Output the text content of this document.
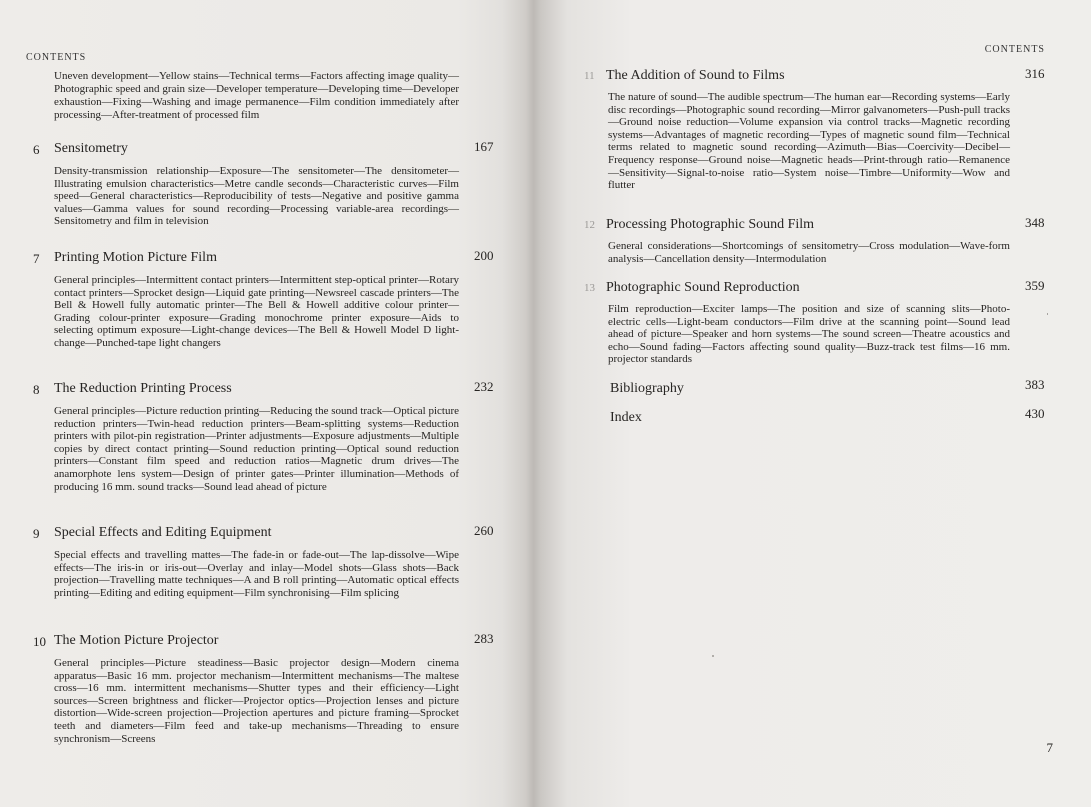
CONTENTS

Uneven development—Yellow stains—Technical terms—Factors affecting image quality—Photographic speed and grain size—Developer temperature—Developing time—Developer exhaustion—Fixing—Washing and image permanence—Film condition immediately after processing—After-treatment of processed film

6 Sensitometry	167

Density-transmission relationship—Exposure—The sensitometer—The densitometer—Illustrating emulsion characteristics—Metre candle seconds—Characteristic curves—Film speed—General characteristics—Reproducibility of tests—Negative and positive gamma values—Gamma values for sound recording—Processing variable-area recordings—Sensitometry and film in television

7 Printing Motion Picture Film	200

General principles—Intermittent contact printers—Intermittent step-optical printer—Rotary contact printers—Sprocket design—Liquid gate printing—Newsreel cascade printers—The Bell & Howell fully automatic printer—The Bell & Howell additive colour printer—Grading colour-printer exposure—Grading monochrome printer exposure—Aids to selecting optimum exposure—Light-change devices—The Bell & Howell Model D light-change—Punched-tape light changers

8 The Reduction Printing Process	232

General principles—Picture reduction printing—Reducing the sound track—Optical picture reduction printers—Twin-head reduction printers—Beam-splitting systems—Reduction printers with pilot-pin registration—Printer adjustments—Exposure adjustments—Multiple copies by direct contact printing—Sound reduction printing—Optical sound reduction printers—Constant film speed and reduction ratios—Magnetic drum drives—The anamorphote lens system—Design of printer gates—Printer illumination—Methods of producing 16 mm. sound tracks—Sound lead ahead of picture

9 Special Effects and Editing Equipment	260

Special effects and travelling mattes—The fade-in or fade-out—The lap-dissolve—Wipe effects—The iris-in or iris-out—Overlay and inlay—Model shots—Glass shots—Back projection—Travelling matte techniques—A and B roll printing—Automatic optical effects printing—Editing and editing equipment—Film synchronising—Film splicing

10 The Motion Picture Projector	283

General principles—Picture steadiness—Basic projector design—Modern cinema apparatus—Basic 16 mm. projector mechanism—Intermittent mechanisms—The maltese cross—16 mm. intermittent mechanisms—Shutter types and their efficiency—Light sources—Screen brightness and flicker—Projector optics—Projection lenses and picture distortion—Wide-screen projection—Projection apertures and picture framing—Sprocket teeth and diameters—Film feed and take-up mechanisms—Threading to ensure synchronism—Screens

CONTENTS
11 The Addition of Sound to Films	316

The nature of sound—The audible spectrum—The human ear—Recording systems—Early disc recordings—Photographic sound recording—Mirror galvanometers—Push-pull tracks—Ground noise reduction—Volume expansion via control tracks—Magnetic recording systems—Advantages of magnetic recording—Types of magnetic sound film—Technical terms related to magnetic sound recording—Azimuth—Bias—Coercivity—Decibel—Frequency response—Ground noise—Magnetic heads—Print-through ratio—Remanence—Sensitivity—Signal-to-noise ratio—System noise—Timbre—Uniformity—Wow and flutter

12 Processing Photographic Sound Film	348

General considerations—Shortcomings of sensitometry—Cross modulation—Wave-form analysis—Cancellation density—Intermodulation

13 Photographic Sound Reproduction	359

Film reproduction—Exciter lamps—The position and size of scanning slits—Photo-electric cells—Light-beam conductors—Film drive at the scanning point—Sound lead ahead of picture—Speaker and horn systems—The sound screen—Theatre acoustics and echo—Sound fading—Factors affecting sound quality—Buzz-track test films—16 mm. projector standards

Bibliography	383
Index	430
7
